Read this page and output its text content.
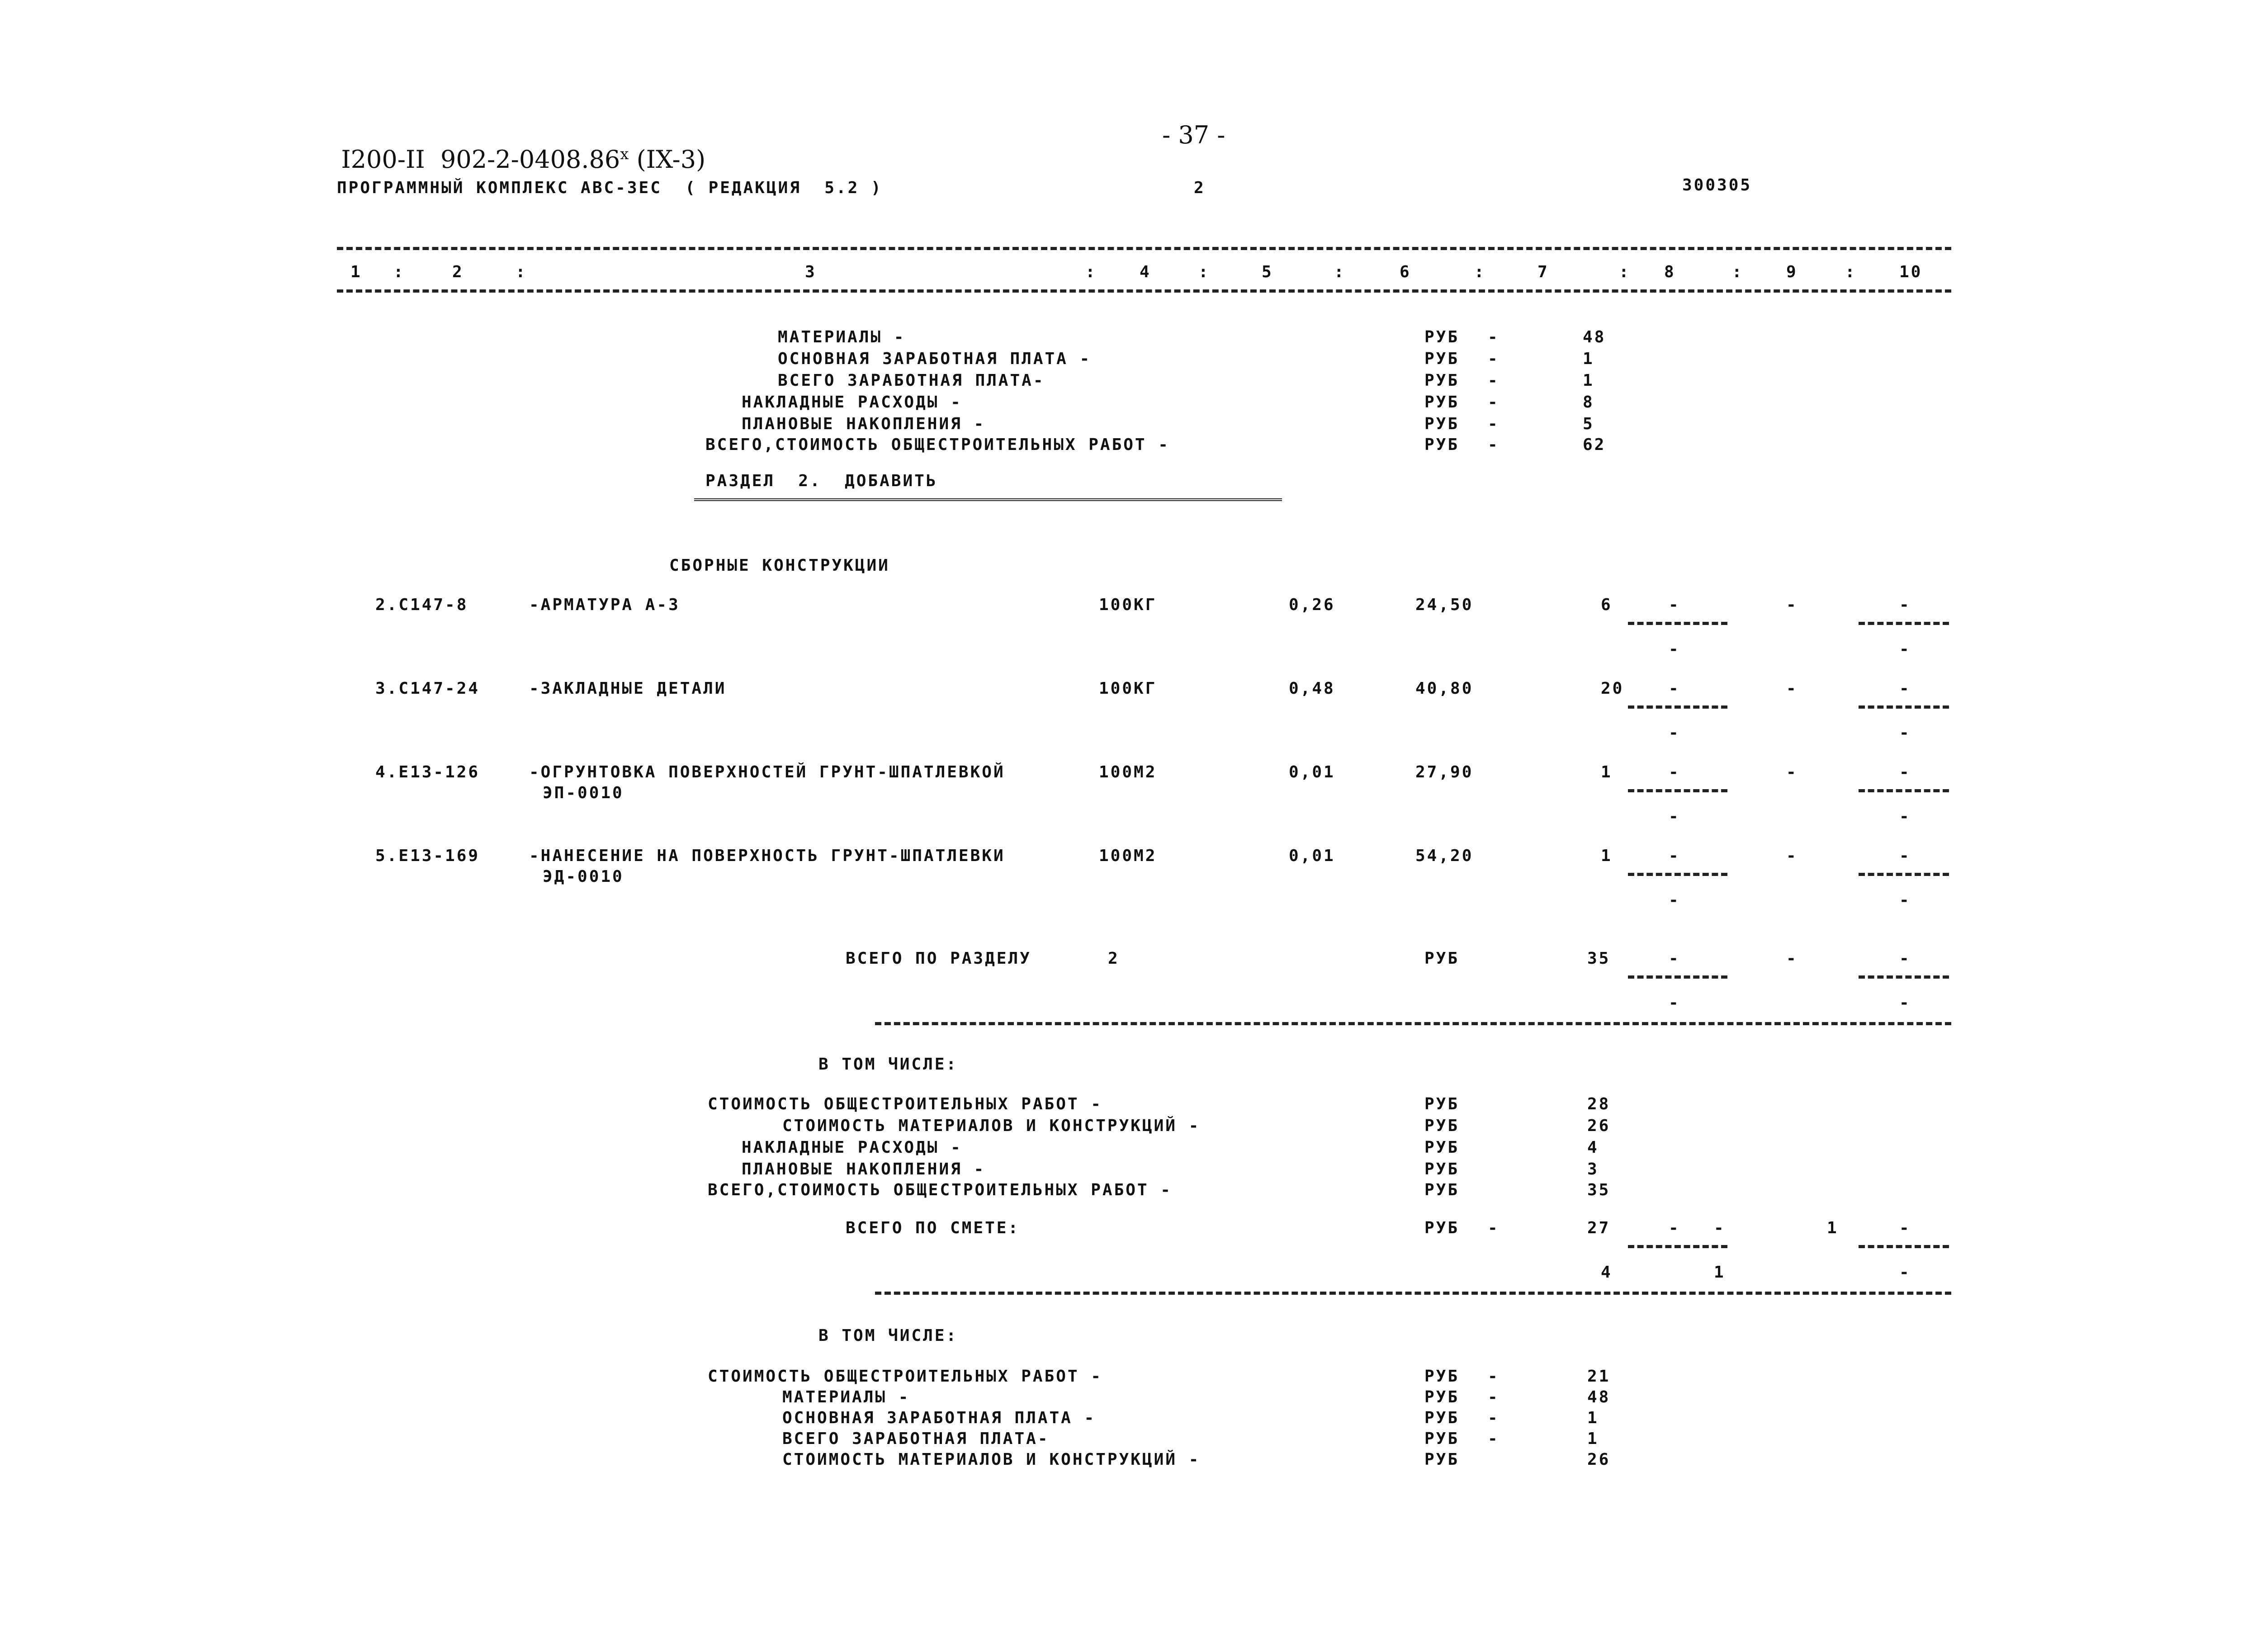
I200-II  902-2-0408.86$^x$ (IX-3)

- 37 -
ПРОГРАММНЫЙ КОМПЛЕКС АВС-ЗЕС  ( РЕДАКЦИЯ  5.2 )	2	300305
1	2	3	4	5	6	7	8	9	10
:	:	:	:	:	:	:	:	:
МАТЕРИАЛЫ -	РУБ -	48
ОСНОВНАЯ ЗАРАБОТНАЯ ПЛАТА -	РУБ -	1
ВСЕГО ЗАРАБОТНАЯ ПЛАТА-	РУБ -	1
НАКЛАДНЫЕ РАСХОДЫ -	РУБ -	8
ПЛАНОВЫЕ НАКОПЛЕНИЯ -	РУБ -	5
ВСЕГО,СТОИМОСТЬ ОБЩЕСТРОИТЕЛЬНЫХ РАБОТ -	РУБ -	62
РАЗДЕЛ  2.  ДОБАВИТЬ
СБОРНЫЕ КОНСТРУКЦИИ
2.С147-8	-АРМАТУРА А-3	100КГ	0,26	24,50	6	-	-	-
-	-
3.С147-24	-ЗАКЛАДНЫЕ ДЕТАЛИ	100КГ	0,48	40,80	20	-	-	-
-	-
4.Е13-126	-ОГРУНТОВКА ПОВЕРХНОСТЕЙ ГРУНТ-ШПАТЛЕВКОЙ
ЭП-0010
100М2	0,01	27,90	1	-	-	-
-	-
5.Е13-169	-НАНЕСЕНИЕ НА ПОВЕРХНОСТЬ ГРУНТ-ШПАТЛЕВКИ
ЭД-0010
100М2	0,01	54,20	1	-	-	-
-	-
ВСЕГО ПО РАЗДЕЛУ	2	РУБ	35	-	-	-
-	-
В ТОМ ЧИСЛЕ:
СТОИМОСТЬ ОБЩЕСТРОИТЕЛЬНЫХ РАБОТ -	РУБ	28
СТОИМОСТЬ МАТЕРИАЛОВ И КОНСТРУКЦИЙ -	РУБ	26
НАКЛАДНЫЕ РАСХОДЫ -	РУБ	4
ПЛАНОВЫЕ НАКОПЛЕНИЯ -	РУБ	3
ВСЕГО,СТОИМОСТЬ ОБЩЕСТРОИТЕЛЬНЫХ РАБОТ -	РУБ	35
ВСЕГО ПО СМЕТЕ:	РУБ -	27	- -	1	-
4	1	-
В ТОМ ЧИСЛЕ:
СТОИМОСТЬ ОБЩЕСТРОИТЕЛЬНЫХ РАБОТ -	РУБ -	21
МАТЕРИАЛЫ -	РУБ -	48
ОСНОВНАЯ ЗАРАБОТНАЯ ПЛАТА -	РУБ -	1
ВСЕГО ЗАРАБОТНАЯ ПЛАТА-	РУБ -	1
СТОИМОСТЬ МАТЕРИАЛОВ И КОНСТРУКЦИЙ -	РУБ	26
